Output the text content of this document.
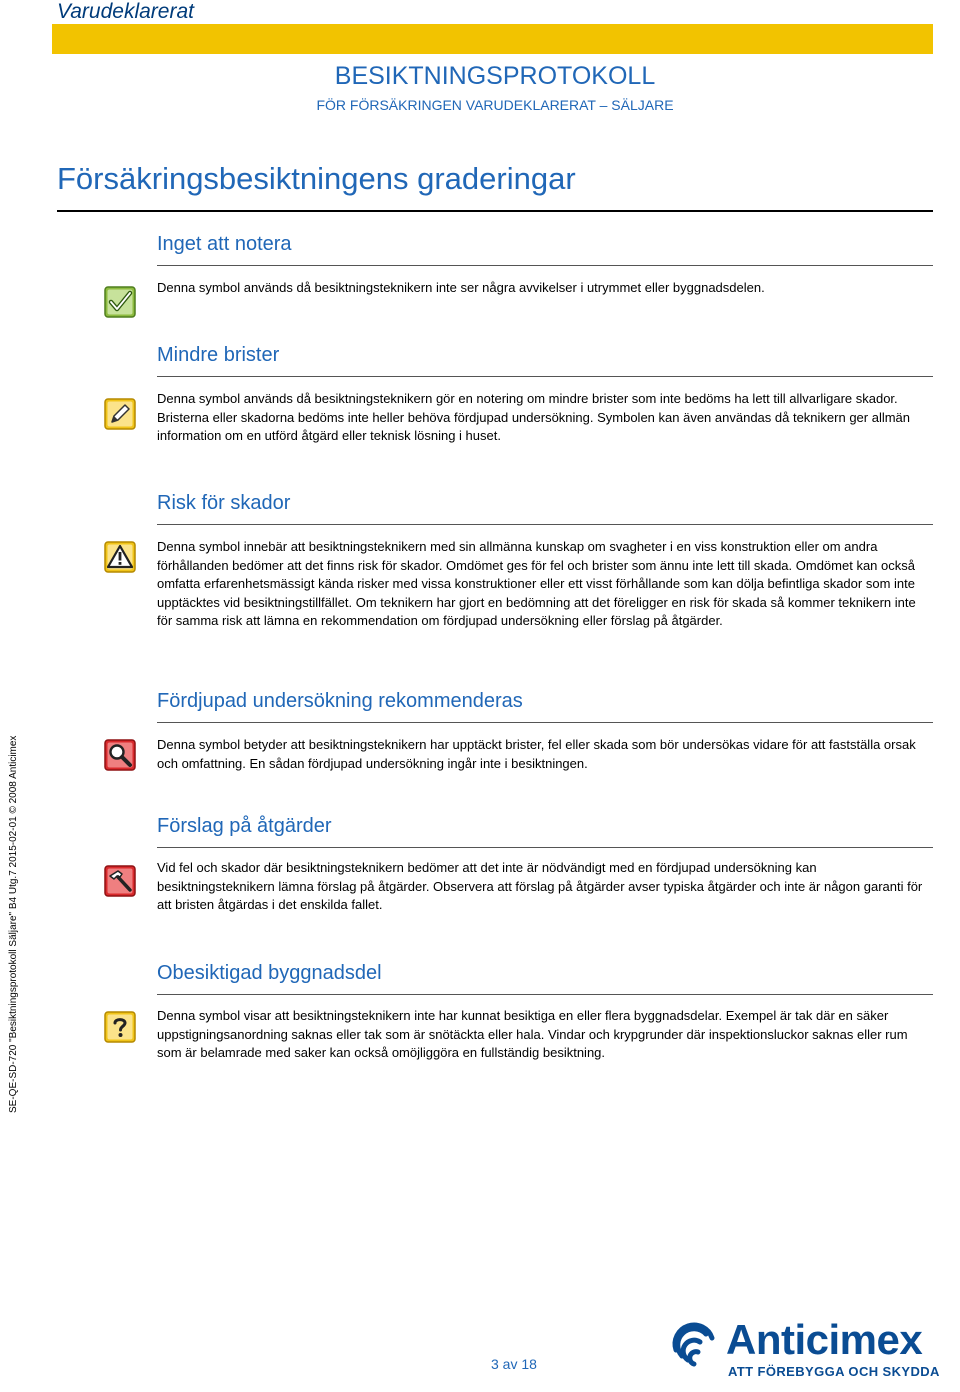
Varudeklarerat
BESIKTNINGSPROTOKOLL
FÖR FÖRSÄKRINGEN VARUDEKLARERAT – SÄLJARE
Försäkringsbesiktningens graderingar
Inget att notera
Denna symbol används då besiktningsteknikern inte ser några avvikelser i utrymmet eller byggnadsdelen.
Mindre brister
Denna symbol används då besiktningsteknikern gör en notering om mindre brister som inte bedöms ha lett till allvarligare skador. Bristerna eller skadorna bedöms inte heller behöva fördjupad undersökning. Symbolen kan även användas då teknikern ger allmän information om en utförd åtgärd eller teknisk lösning i huset.
Risk för skador
Denna symbol innebär att besiktningsteknikern med sin allmänna kunskap om svagheter i en viss konstruktion eller om andra förhållanden bedömer att det finns risk för skador. Omdömet ges för fel och brister som ännu inte lett till skada. Omdömet kan också omfatta erfarenhetsmässigt kända risker med vissa konstruktioner eller ett visst förhållande som kan dölja befintliga skador som inte upptäcktes vid besiktningstillfället. Om teknikern har gjort en bedömning att det föreligger en risk för skada så kommer teknikern inte för samma risk att lämna en rekommendation om fördjupad undersökning eller förslag på åtgärder.
Fördjupad undersökning rekommenderas
Denna symbol betyder att besiktningsteknikern har upptäckt brister, fel eller skada som bör undersökas vidare för att fastställa orsak och omfattning. En sådan fördjupad undersökning ingår inte i besiktningen.
Förslag på åtgärder
Vid fel och skador där besiktningsteknikern bedömer att det inte är nödvändigt med en fördjupad undersökning kan besiktningsteknikern lämna förslag på åtgärder. Observera att förslag på åtgärder avser typiska åtgärder och inte är någon garanti för att bristen åtgärdas i det enskilda fallet.
Obesiktigad byggnadsdel
Denna symbol visar att besiktningsteknikern inte har kunnat besiktiga en eller flera byggnadsdelar. Exempel är tak där en säker uppstigningsanordning saknas eller tak som är snötäckta eller hala. Vindar och krypgrunder där inspektionsluckor saknas eller rum som är belamrade med saker kan också omöjliggöra en fullständig besiktning.
SE-QE-SD-720 "Besiktningsprotokoll Säljare" B4 Utg.7 2015-02-01 © 2008 Anticimex
3 av 18
Anticimex
ATT FÖREBYGGA OCH SKYDDA
